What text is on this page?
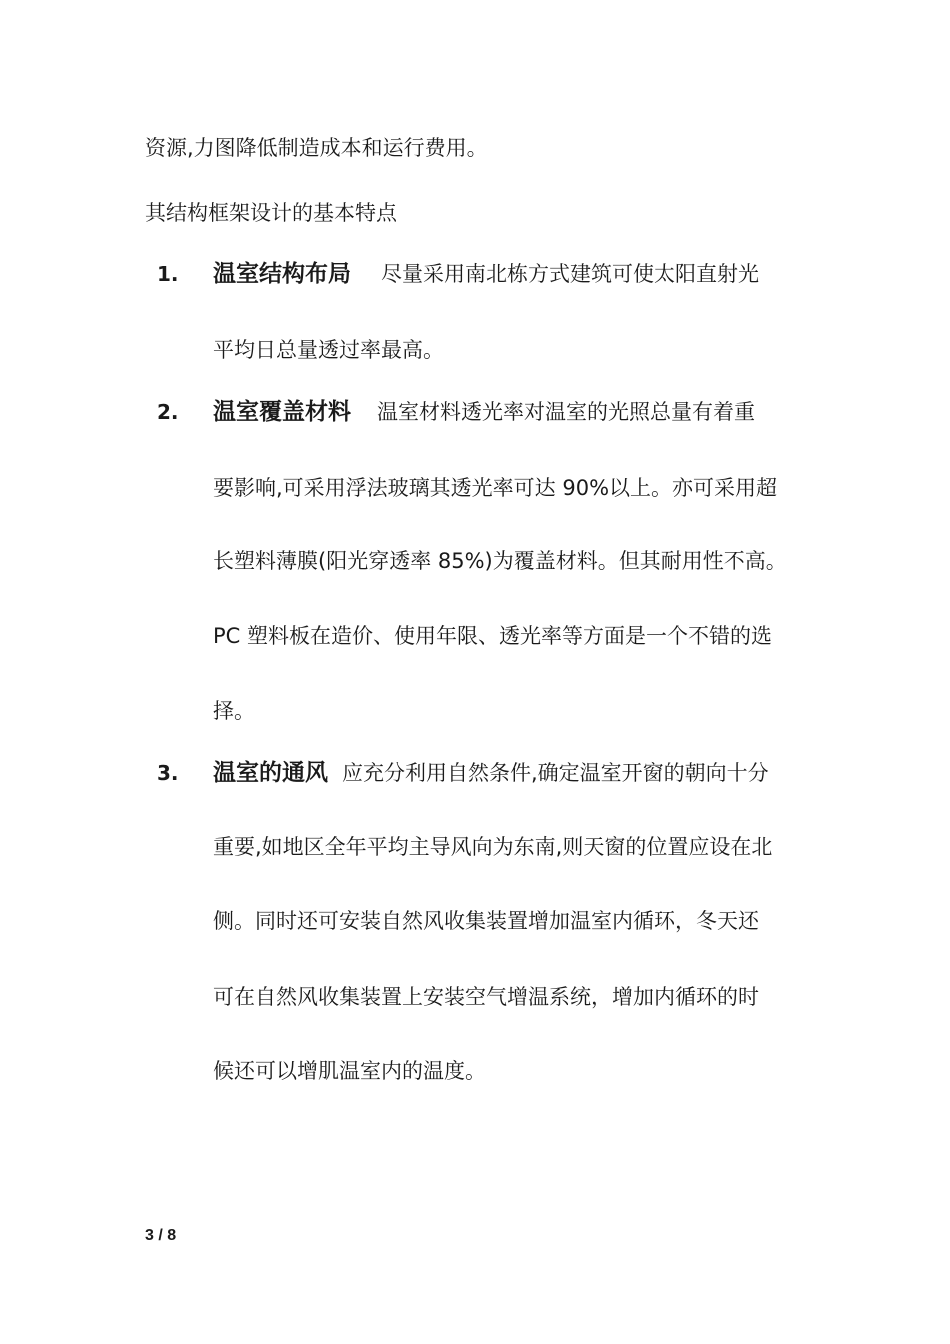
资源,力图降低制造成本和运行费用。
其结构框架设计的基本特点
1. 温室结构布局 尽量采用南北栋方式建筑可使太阳直射光
平均日总量透过率最高。
2. 温室覆盖材料 温室材料透光率对温室的光照总量有着重
要影响,可采用浮法玻璃其透光率可达 90%以上。亦可采用超
长塑料薄膜(阳光穿透率 85%)为覆盖材料。但其耐用性不高。
PC 塑料板在造价、使用年限、透光率等方面是一个不错的选
择。
3. 温室的通风 应充分利用自然条件,确定温室开窗的朝向十分
重要,如地区全年平均主导风向为东南,则天窗的位置应设在北
侧。同时还可安装自然风收集装置增加温室内循环，冬天还
可在自然风收集装置上安装空气增温系统，增加内循环的时
候还可以增肌温室内的温度。
3 / 8
